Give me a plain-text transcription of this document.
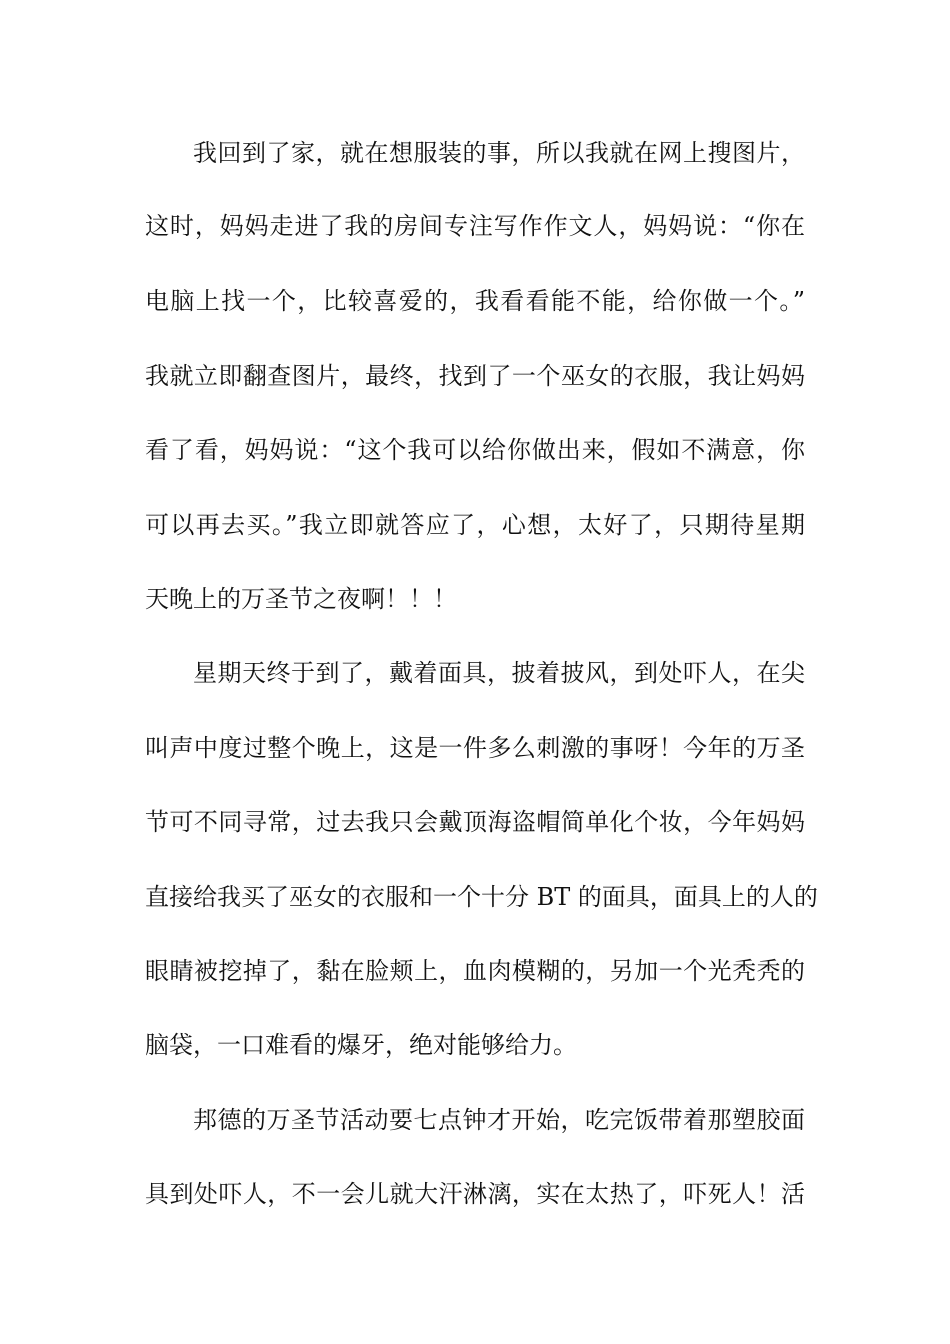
我回到了家，就在想服装的事，所以我就在网上搜图片，
这时，妈妈走进了我的房间专注写作作文人，妈妈说：“你在
电脑上找一个，比较喜爱的，我看看能不能，给你做一个。”
我就立即翻查图片，最终，找到了一个巫女的衣服，我让妈妈
看了看，妈妈说：“这个我可以给你做出来，假如不满意，你
可以再去买。”我立即就答应了，心想，太好了，只期待星期
天晚上的万圣节之夜啊！！！
星期天终于到了，戴着面具，披着披风，到处吓人，在尖
叫声中度过整个晚上，这是一件多么刺激的事呀！今年的万圣
节可不同寻常，过去我只会戴顶海盗帽简单化个妆，今年妈妈
直接给我买了巫女的衣服和一个十分 BT 的面具，面具上的人的
眼睛被挖掉了，黏在脸颊上，血肉模糊的，另加一个光秃秃的
脑袋，一口难看的爆牙，绝对能够给力。
邦德的万圣节活动要七点钟才开始，吃完饭带着那塑胶面
具到处吓人，不一会儿就大汗淋漓，实在太热了，吓死人！活
